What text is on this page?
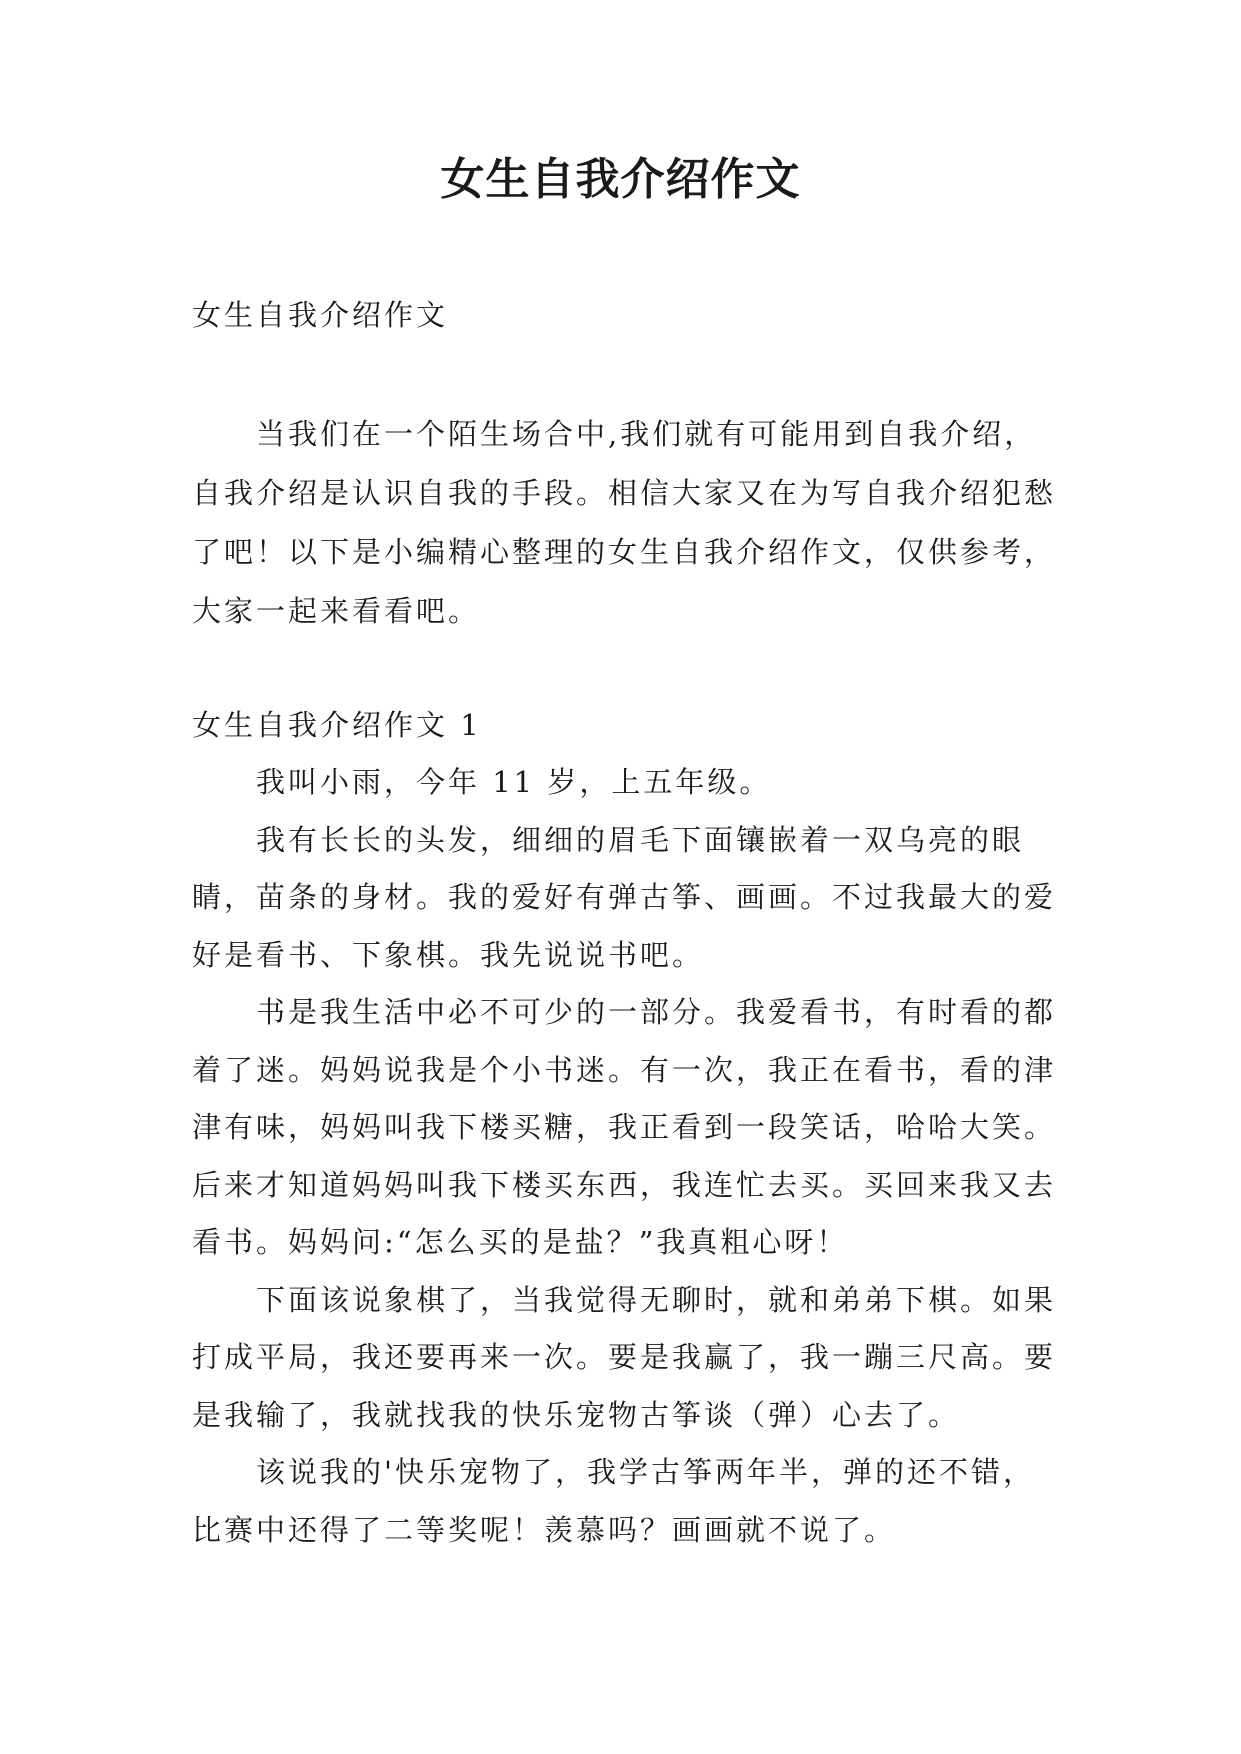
女生自我介绍作文

女生自我介绍作文

当我们在一个陌生场合中,我们就有可能用到自我介绍，自我介绍是认识自我的手段。相信大家又在为写自我介绍犯愁了吧！以下是小编精心整理的女生自我介绍作文，仅供参考，大家一起来看看吧。

女生自我介绍作文 1

我叫小雨，今年 11 岁，上五年级。

我有长长的头发，细细的眉毛下面镶嵌着一双乌亮的眼睛，苗条的身材。我的爱好有弹古筝、画画。不过我最大的爱好是看书、下象棋。我先说说书吧。

书是我生活中必不可少的一部分。我爱看书，有时看的都着了迷。妈妈说我是个小书迷。有一次，我正在看书，看的津津有味，妈妈叫我下楼买糖，我正看到一段笑话，哈哈大笑。后来才知道妈妈叫我下楼买东西，我连忙去买。买回来我又去看书。妈妈问:“怎么买的是盐？”我真粗心呀！

下面该说象棋了，当我觉得无聊时，就和弟弟下棋。如果打成平局，我还要再来一次。要是我赢了，我一蹦三尺高。要是我输了，我就找我的快乐宠物古筝谈（弹）心去了。

该说我的'快乐宠物了，我学古筝两年半，弹的还不错，比赛中还得了二等奖呢！羡慕吗？画画就不说了。
